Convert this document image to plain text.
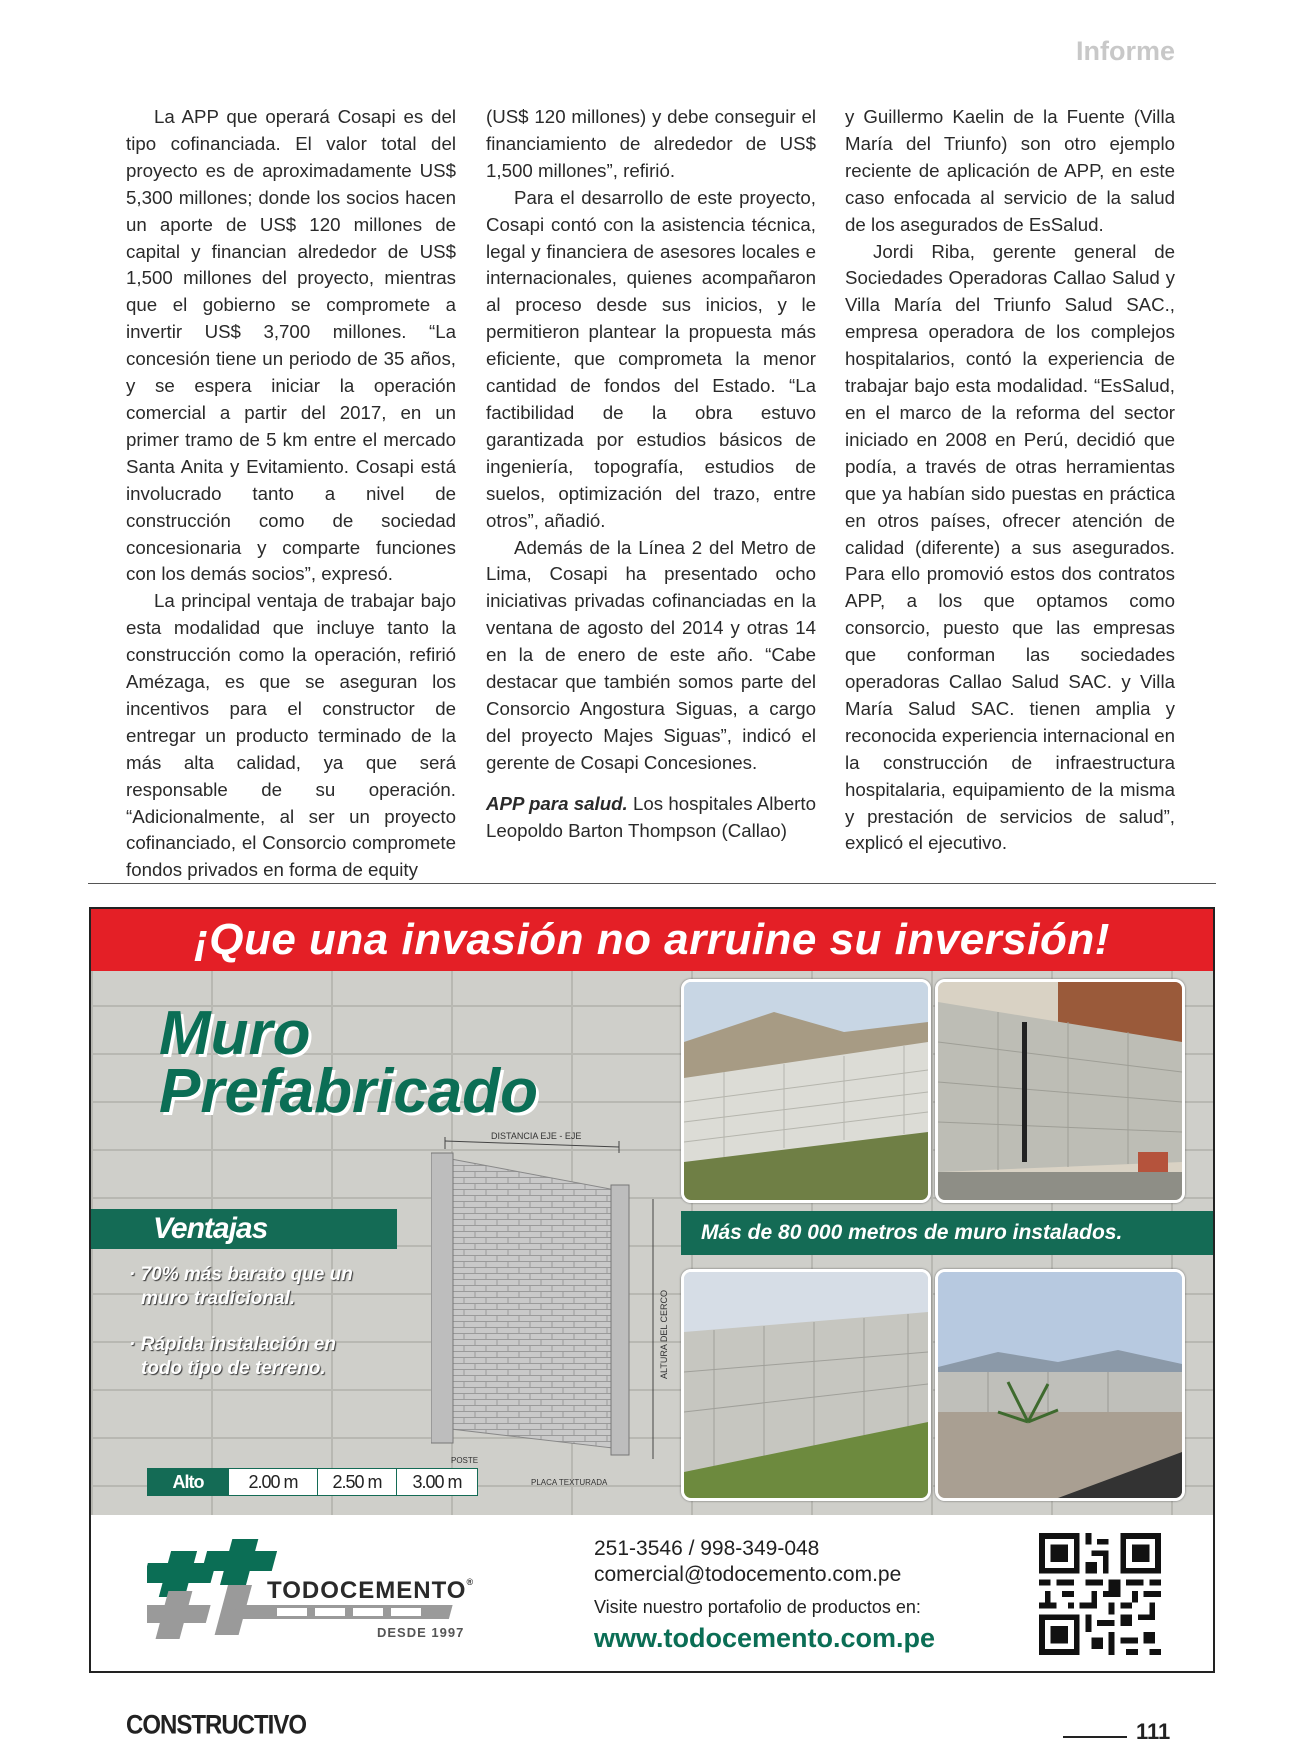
Informe

La APP que operará Cosapi es del tipo cofinanciada. El valor total del proyecto es de aproximadamente US$ 5,300 millones; donde los socios hacen un aporte de US$ 120 millones de capital y financian alrededor de US$ 1,500 millones del proyecto, mientras que el gobierno se compromete a invertir US$ 3,700 millones. “La concesión tiene un periodo de 35 años, y se espera iniciar la operación comercial a partir del 2017, en un primer tramo de 5 km entre el mercado Santa Anita y Evitamiento. Cosapi está involucrado tanto a nivel de construcción como de sociedad concesionaria y comparte funciones con los demás socios”, expresó.

La principal ventaja de trabajar bajo esta modalidad que incluye tanto la construcción como la operación, refirió Amézaga, es que se aseguran los incentivos para el constructor de entregar un producto terminado de la más alta calidad, ya que será responsable de su operación. “Adicionalmente, al ser un proyecto cofinanciado, el Consorcio compromete fondos privados en forma de equity

(US$ 120 millones) y debe conseguir el financiamiento de alrededor de US$ 1,500 millones”, refirió.

Para el desarrollo de este proyecto, Cosapi contó con la asistencia técnica, legal y financiera de asesores locales e internacionales, quienes acompañaron al proceso desde sus inicios, y le permitieron plantear la propuesta más eficiente, que comprometa la menor cantidad de fondos del Estado. “La factibilidad de la obra estuvo garantizada por estudios básicos de ingeniería, topografía, estudios de suelos, optimización del trazo, entre otros”, añadió.

Además de la Línea 2 del Metro de Lima, Cosapi ha presentado ocho iniciativas privadas cofinanciadas en la ventana de agosto del 2014 y otras 14 en la de enero de este año. “Cabe destacar que también somos parte del Consorcio Angostura Siguas, a cargo del proyecto Majes Siguas”, indicó el gerente de Cosapi Concesiones.

APP para salud. Los hospitales Alberto Leopoldo Barton Thompson (Callao)

y Guillermo Kaelin de la Fuente (Villa María del Triunfo) son otro ejemplo reciente de aplicación de APP, en este caso enfocada al servicio de la salud de los asegurados de EsSalud.

Jordi Riba, gerente general de Sociedades Operadoras Callao Salud y Villa María del Triunfo Salud SAC., empresa operadora de los complejos hospitalarios, contó la experiencia de trabajar bajo esta modalidad. “EsSalud, en el marco de la reforma del sector iniciado en 2008 en Perú, decidió que podía, a través de otras herramientas que ya habían sido puestas en práctica en otros países, ofrecer atención de calidad (diferente) a sus asegurados. Para ello promovió estos dos contratos APP, a los que optamos como consorcio, puesto que las empresas que conforman las sociedades operadoras Callao Salud SAC. y Villa María Salud SAC. tienen amplia y reconocida experiencia internacional en la construcción de infraestructura hospitalaria, equipamiento de la misma y prestación de servicios de salud”, explicó el ejecutivo.

¡Que una invasión no arruine su inversión!
Muro
Prefabricado
DISTANCIA EJE - EJE
ALTURA DEL CERCO
POSTE
PLACA TEXTURADA
Ventajas
· 70% más barato que un
muro tradicional.
· Rápida instalación en
todo tipo de terreno.
Más de 80 000 metros de muro instalados.
Alto	2.00 m	2.50 m	3.00 m
TODOCEMENTO®
DESDE 1997
251-3546 / 998-349-048
comercial@todocemento.com.pe
Visite nuestro portafolio de productos en:
www.todocemento.com.pe
CONSTRUCTIVO	111
